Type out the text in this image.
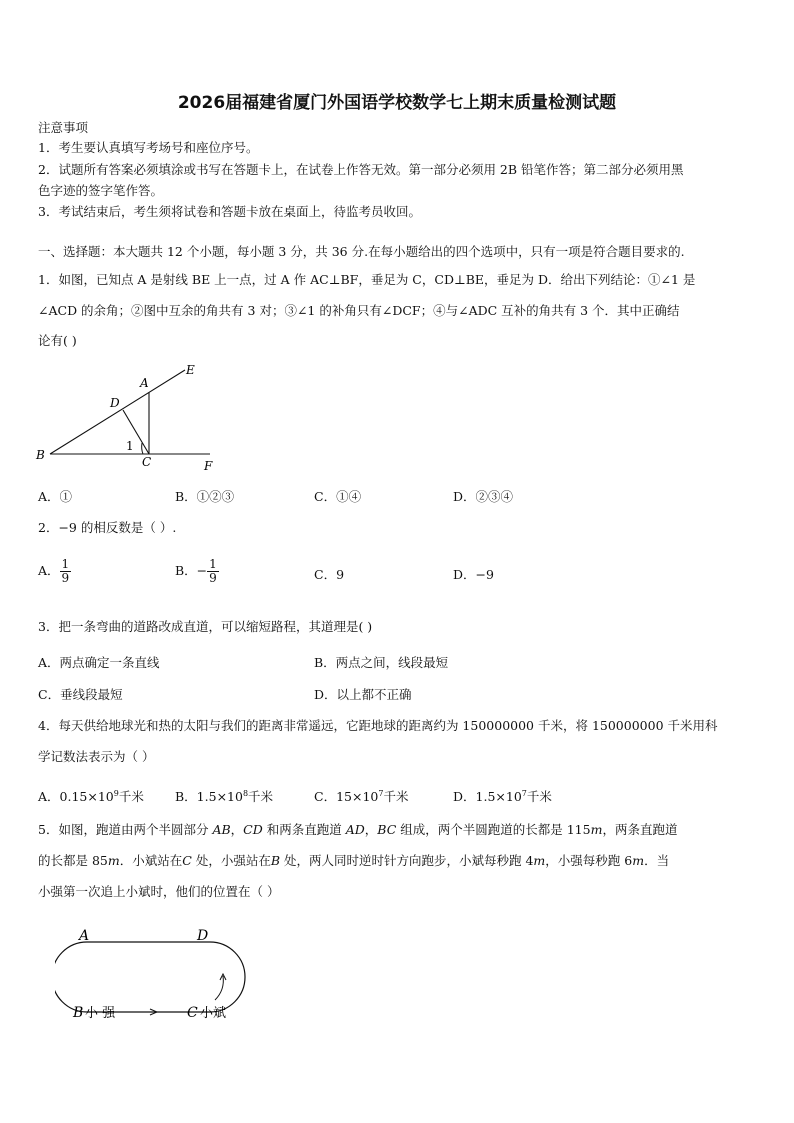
2026届福建省厦门外国语学校数学七上期末质量检测试题
注意事项
1．考生要认真填写考场号和座位序号。
2．试题所有答案必须填涂或书写在答题卡上，在试卷上作答无效。第一部分必须用 2B 铅笔作答；第二部分必须用黑
色字迹的签字笔作答。
3．考试结束后，考生须将试卷和答题卡放在桌面上，待监考员收回。
一、选择题：本大题共 12 个小题，每小题 3 分，共 36 分.在每小题给出的四个选项中，只有一项是符合题目要求的.
1．如图，已知点 A 是射线 BE 上一点，过 A 作 AC⊥BF，垂足为 C，CD⊥BE，垂足为 D．给出下列结论：①∠1 是
∠ACD 的余角；②图中互余的角共有 3 对；③∠1 的补角只有∠DCF；④与∠ADC 互补的角共有 3 个．其中正确结
论有( )
A
B	C
D
E
F
1
A．①	B．①②③	C．①④	D．②③④
2．−9 的相反数是（ ）.
A． $\frac{1}{9}$	B．− $\frac{1}{9}$	C．9	D．−9
3．把一条弯曲的道路改成直道，可以缩短路程，其道理是( )
A．两点确定一条直线	B．两点之间，线段最短
C．垂线段最短	D．以上都不正确
4．每天供给地球光和热的太阳与我们的距离非常遥远，它距地球的距离约为 150000000 千米，将 150000000 千米用科
学记数法表示为（ ）
A．$0.15\times 10^9$千米 B．$1.5\times 10^8$千米	C．$15\times 10^7$千米	D．$1.5\times 10^7$千米
5．如图，跑道由两个半圆部分 AB，CD 和两条直跑道 AD，BC 组成，两个半圆跑道的长都是 115m，两条直跑道
的长都是 85m．小斌站在C 处，小强站在B 处，两人同时逆时针方向跑步，小斌每秒跑 4m，小强每秒跑 6m．当
小强第一次追上小斌时，他们的位置在（ ）
A	D
B 小 强	C 小斌
